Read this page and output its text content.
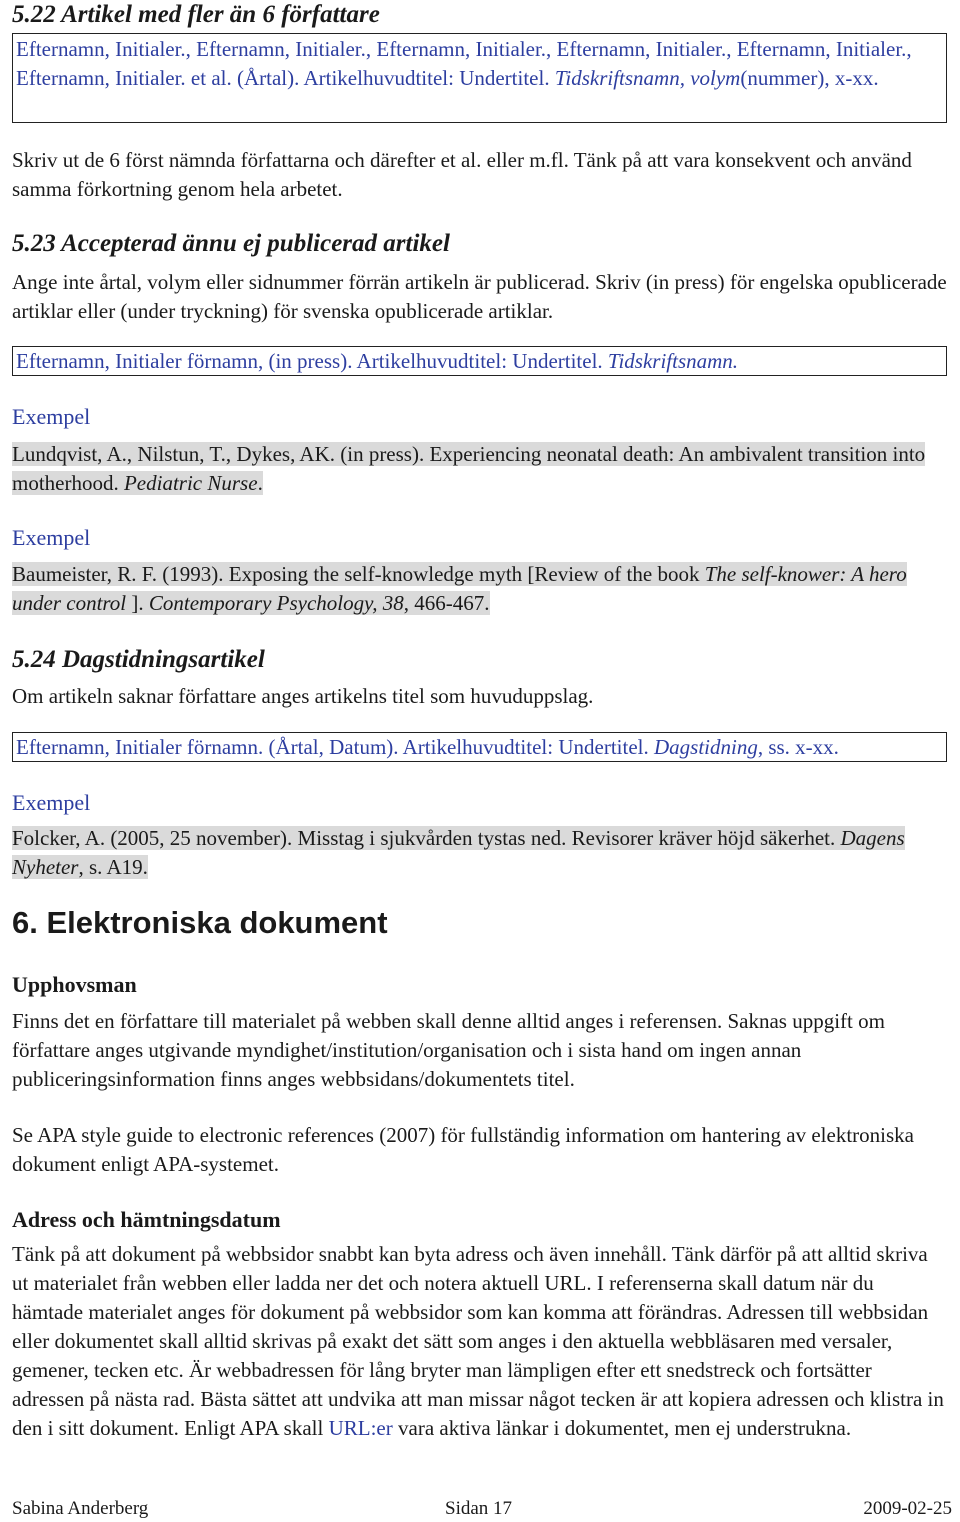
5.22 Artikel med fler än 6 författare

Efternamn, Initialer., Efternamn, Initialer., Efternamn, Initialer., Efternamn, Initialer., Efternamn, Initialer., Efternamn, Initialer. et al. (Årtal). Artikelhuvudtitel: Undertitel. Tidskriftsnamn, volym(nummer), x-xx.

Skriv ut de 6 först nämnda författarna och därefter et al. eller m.fl. Tänk på att vara konsekvent och använd samma förkortning genom hela arbetet.

5.23 Accepterad ännu ej publicerad artikel

Ange inte årtal, volym eller sidnummer förrän artikeln är publicerad. Skriv (in press) för engelska opublicerade artiklar eller (under tryckning) för svenska opublicerade artiklar.

Efternamn, Initialer förnamn, (in press). Artikelhuvudtitel: Undertitel. Tidskriftsnamn.

Exempel

Lundqvist, A., Nilstun, T., Dykes, AK. (in press). Experiencing neonatal death: An ambivalent transition into motherhood. Pediatric Nurse.

Exempel

Baumeister, R. F. (1993). Exposing the self-knowledge myth [Review of the book The self-knower: A hero under control ]. Contemporary Psychology, 38, 466-467.

5.24 Dagstidningsartikel

Om artikeln saknar författare anges artikelns titel som huvuduppslag.

Efternamn, Initialer förnamn. (Årtal, Datum). Artikelhuvudtitel: Undertitel. Dagstidning, ss. x-xx.

Exempel

Folcker, A. (2005, 25 november). Misstag i sjukvården tystas ned. Revisorer kräver höjd säkerhet. Dagens Nyheter, s. A19.

6. Elektroniska dokument
Upphovsman

Finns det en författare till materialet på webben skall denne alltid anges i referensen. Saknas uppgift om författare anges utgivande myndighet/institution/organisation och i sista hand om ingen annan publiceringsinformation finns anges webbsidans/dokumentets titel.

Se APA style guide to electronic references (2007) för fullständig information om hantering av elektroniska dokument enligt APA-systemet.

Adress och hämtningsdatum

Tänk på att dokument på webbsidor snabbt kan byta adress och även innehåll. Tänk därför på att alltid skriva ut materialet från webben eller ladda ner det och notera aktuell URL. I referenserna skall datum när du hämtade materialet anges för dokument på webbsidor som kan komma att förändras. Adressen till webbsidan eller dokumentet skall alltid skrivas på exakt det sätt som anges i den aktuella webbläsaren med versaler, gemener, tecken etc. Är webbadressen för lång bryter man lämpligen efter ett snedstreck och fortsätter adressen på nästa rad. Bästa sättet att undvika att man missar något tecken är att kopiera adressen och klistra in den i sitt dokument. Enligt APA skall URL:er vara aktiva länkar i dokumentet, men ej understrukna.

Sabina Anderberg	Sidan 17	2009-02-25
